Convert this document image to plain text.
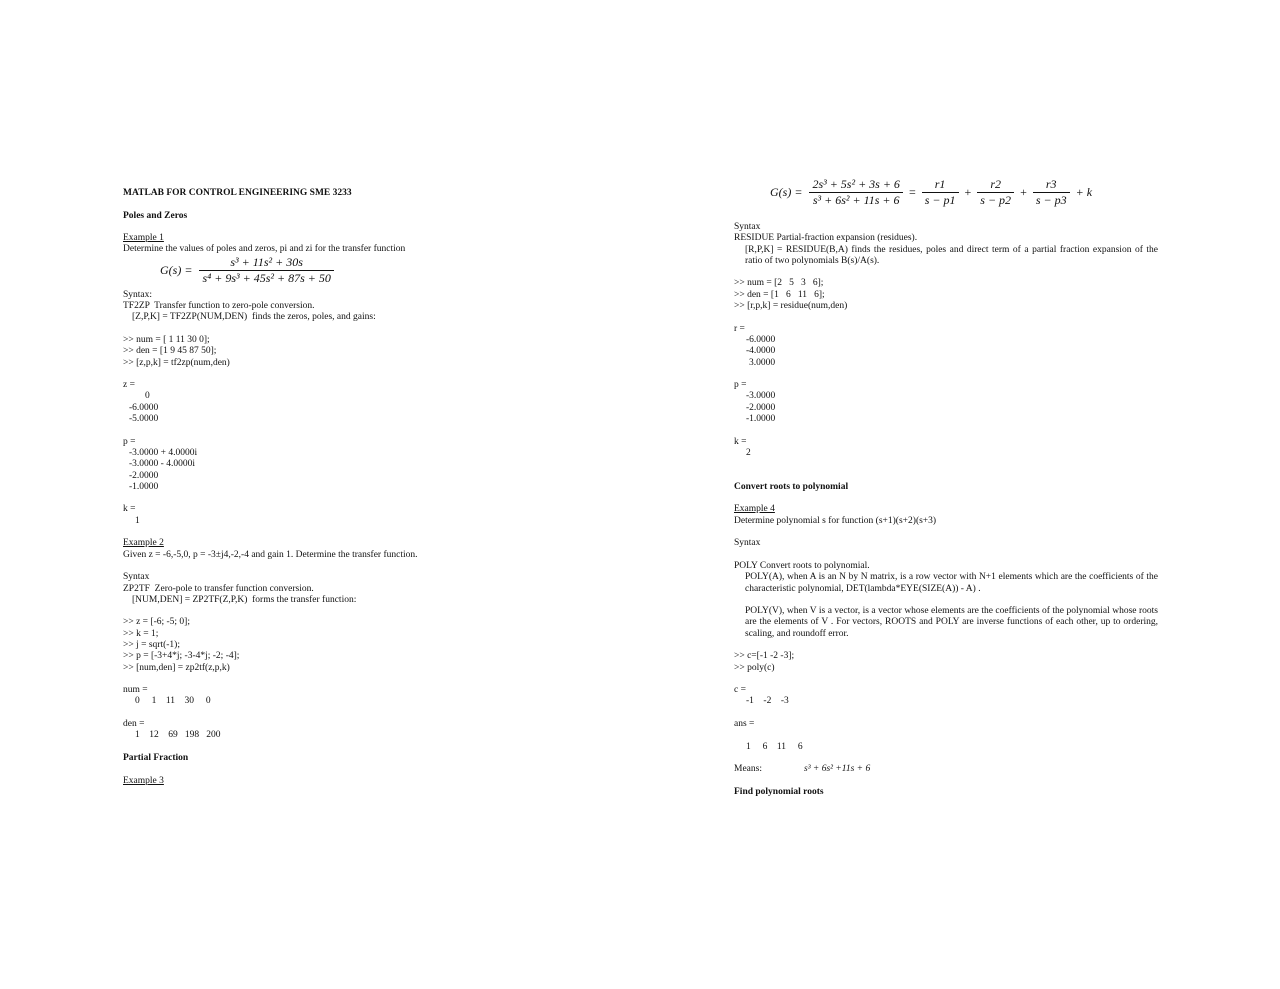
MATLAB FOR CONTROL ENGINEERING SME 3233
Poles and Zeros
Example 1
Determine the values of poles and zeros, pi and zi for the transfer function
$G(s) = \frac{\text{s³ + 11s² + 30s}}{\text{s⁴ + 9s³ + 45s² + 87s + 50}}$
Syntax:
TF2ZP  Transfer function to zero-pole conversion.
[Z,P,K] = TF2ZP(NUM,DEN)  finds the zeros, poles, and gains:
>> num = [ 1 11 30 0];
>> den = [1 9 45 87 50];
>> [z,p,k] = tf2zp(num,den)
z =
0
-6.0000
-5.0000
p =
-3.0000 + 4.0000i
-3.0000 - 4.0000i
-2.0000
-1.0000
k =
1
Example 2
Given z = -6,-5,0, p = -3±j4,-2,-4 and gain 1. Determine the transfer function.
Syntax
ZP2TF  Zero-pole to transfer function conversion.
[NUM,DEN] = ZP2TF(Z,P,K)  forms the transfer function:
>> z = [-6; -5; 0];
>> k = 1;
>> j = sqrt(-1);
>> p = [-3+4*j; -3-4*j; -2; -4];
>> [num,den] = zp2tf(z,p,k)
num =
0     1    11    30     0
den =
1    12    69   198   200
Partial Fraction
Example 3
$G(s) = \frac{\text{2s³ + 5s² + 3s + 6}}{\text{s³ + 6s² + 11s + 6}} = \frac{r1}{s - p1} + \frac{r2}{s - p2} + \frac{r3}{s - p3} + k$
Syntax
RESIDUE Partial-fraction expansion (residues).
[R,P,K] = RESIDUE(B,A) finds the residues, poles and direct term of a partial fraction expansion of the ratio of two polynomials B(s)/A(s).
>> num = [2   5   3   6];
>> den = [1   6   11   6];
>> [r,p,k] = residue(num,den)
r =
-6.0000
-4.0000
3.0000
p =
-3.0000
-2.0000
-1.0000
k =
2
Convert roots to polynomial
Example 4
Determine polynomial s for function (s+1)(s+2)(s+3)
Syntax
POLY Convert roots to polynomial.
POLY(A), when A is an N by N matrix, is a row vector with N+1 elements which are the coefficients of the characteristic polynomial, DET(lambda*EYE(SIZE(A)) - A) .
POLY(V), when V is a vector, is a vector whose elements are the coefficients of the polynomial whose roots are the elements of V . For vectors, ROOTS and POLY are inverse functions of each other, up to ordering, scaling, and roundoff error.
>> c=[-1 -2 -3];
>> poly(c)
c =
-1    -2    -3
ans =
1     6    11     6
Means:	s³ + 6s² +11s + 6
Find polynomial roots
